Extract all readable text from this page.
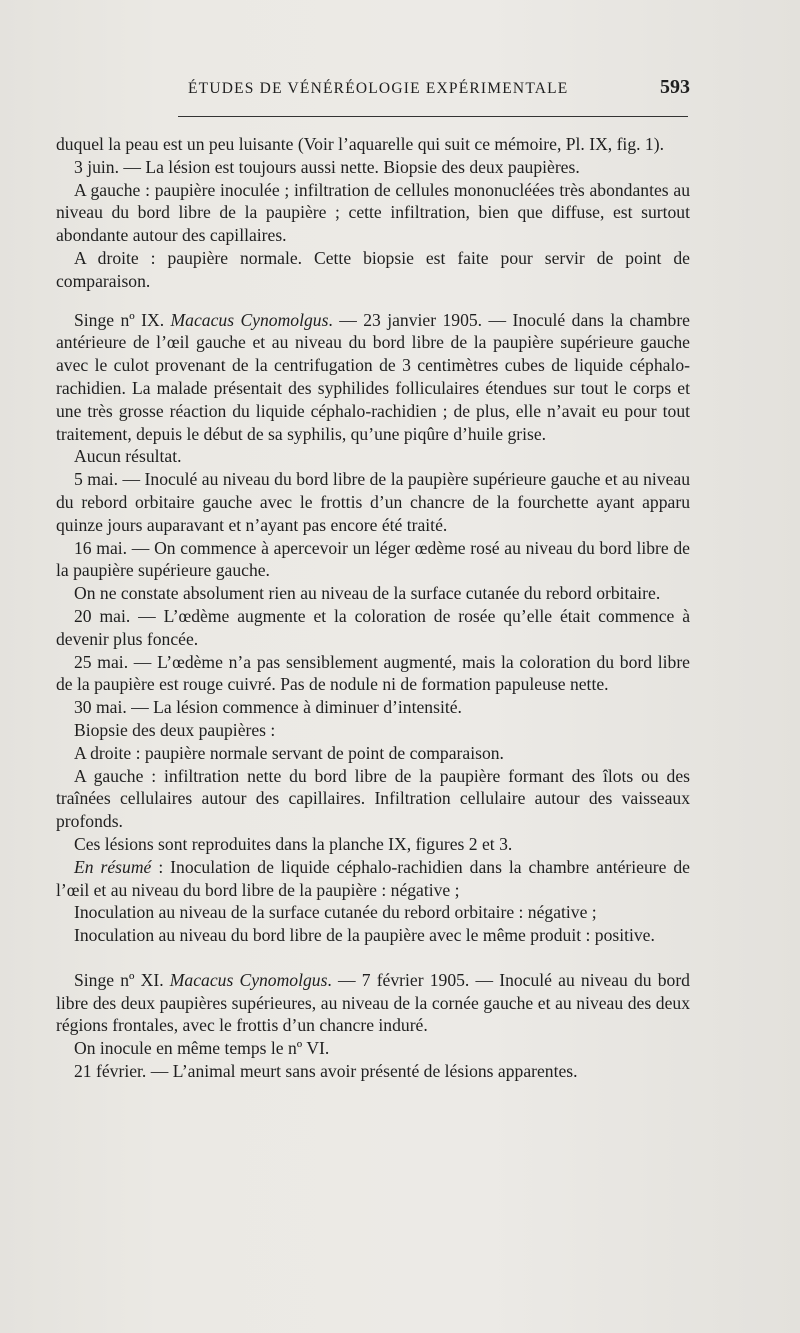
ÉTUDES DE VÉNÉRÉOLOGIE EXPÉRIMENTALE	593

duquel la peau est un peu luisante (Voir l’aquarelle qui suit ce mémoire, Pl. IX, fig. 1).

3 juin. — La lésion est toujours aussi nette. Biopsie des deux paupières.

A gauche : paupière inoculée ; infiltration de cellules mononucléées très abondantes au niveau du bord libre de la paupière ; cette infiltration, bien que diffuse, est surtout abondante autour des capillaires.

A droite : paupière normale. Cette biopsie est faite pour servir de point de comparaison.

Singe nº IX. Macacus Cynomolgus. — 23 janvier 1905. — Inoculé dans la chambre antérieure de l’œil gauche et au niveau du bord libre de la paupière supérieure gauche avec le culot provenant de la centrifugation de 3 centimètres cubes de liquide céphalo-rachidien. La malade présentait des syphilides folliculaires étendues sur tout le corps et une très grosse réaction du liquide céphalo-rachidien ; de plus, elle n’avait eu pour tout traitement, depuis le début de sa syphilis, qu’une piqûre d’huile grise.

Aucun résultat.

5 mai. — Inoculé au niveau du bord libre de la paupière supérieure gauche et au niveau du rebord orbitaire gauche avec le frottis d’un chancre de la fourchette ayant apparu quinze jours auparavant et n’ayant pas encore été traité.

16 mai. — On commence à apercevoir un léger œdème rosé au niveau du bord libre de la paupière supérieure gauche.

On ne constate absolument rien au niveau de la surface cutanée du rebord orbitaire.

20 mai. — L’œdème augmente et la coloration de rosée qu’elle était commence à devenir plus foncée.

25 mai. — L’œdème n’a pas sensiblement augmenté, mais la coloration du bord libre de la paupière est rouge cuivré. Pas de nodule ni de formation papuleuse nette.

30 mai. — La lésion commence à diminuer d’intensité.

Biopsie des deux paupières :

A droite : paupière normale servant de point de comparaison.

A gauche : infiltration nette du bord libre de la paupière formant des îlots ou des traînées cellulaires autour des capillaires. Infiltration cellulaire autour des vaisseaux profonds.

Ces lésions sont reproduites dans la planche IX, figures 2 et 3.

En résumé : Inoculation de liquide céphalo-rachidien dans la chambre antérieure de l’œil et au niveau du bord libre de la paupière : négative ;

Inoculation au niveau de la surface cutanée du rebord orbitaire : négative ;

Inoculation au niveau du bord libre de la paupière avec le même produit : positive.

Singe nº XI. Macacus Cynomolgus. — 7 février 1905. — Inoculé au niveau du bord libre des deux paupières supérieures, au niveau de la cornée gauche et au niveau des deux régions frontales, avec le frottis d’un chancre induré.

On inocule en même temps le nº VI.

21 février. — L’animal meurt sans avoir présenté de lésions apparentes.
